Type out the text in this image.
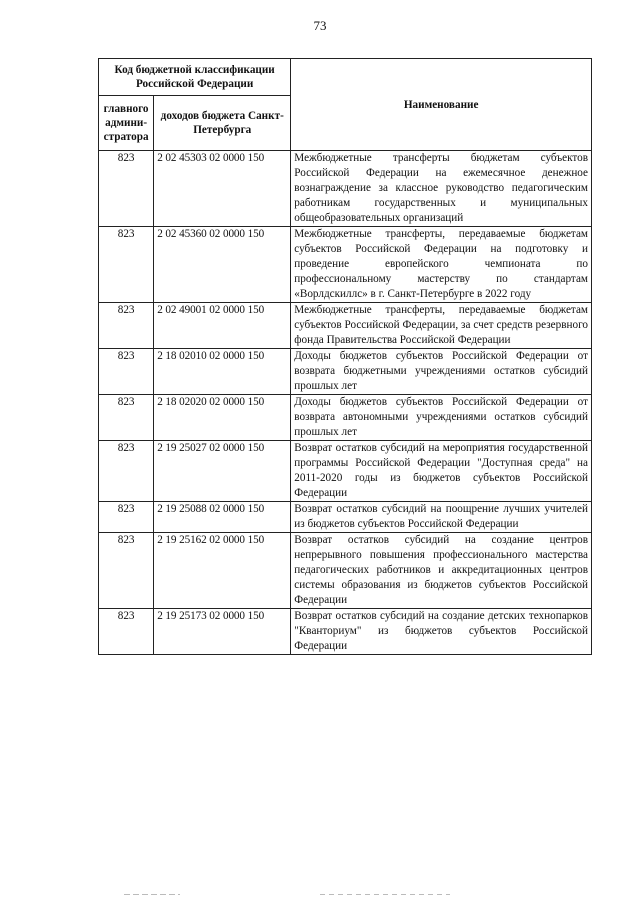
73
Код бюджетной классификации Российской Федерации		Наименование
главного админи-стратора	доходов бюджета Санкт-Петербурга	
823	2 02 45303 02 0000 150	Межбюджетные трансферты бюджетам субъектов Российской Федерации на ежемесячное денежное вознаграждение за классное руководство педагогическим работникам государственных и муниципальных общеобразовательных организаций
823	2 02 45360 02 0000 150	Межбюджетные трансферты, передаваемые бюджетам субъектов Российской Федерации на подготовку и проведение европейского чемпионата по профессиональному мастерству по стандартам «Ворлдскиллс» в г. Санкт-Петербурге в 2022 году
823	2 02 49001 02 0000 150	Межбюджетные трансферты, передаваемые бюджетам субъектов Российской Федерации, за счет средств резервного фонда Правительства Российской Федерации
823	2 18 02010 02 0000 150	Доходы бюджетов субъектов Российской Федерации от возврата бюджетными учреждениями остатков субсидий прошлых лет
823	2 18 02020 02 0000 150	Доходы бюджетов субъектов Российской Федерации от возврата автономными учреждениями остатков субсидий прошлых лет
823	2 19 25027 02 0000 150	Возврат остатков субсидий на мероприятия государственной программы Российской Федерации "Доступная среда" на 2011-2020 годы из бюджетов субъектов Российской Федерации
823	2 19 25088 02 0000 150	Возврат остатков субсидий на поощрение лучших учителей из бюджетов субъектов Российской Федерации
823	2 19 25162 02 0000 150	Возврат остатков субсидий на создание центров непрерывного повышения профессионального мастерства педагогических работников и аккредитационных центров системы образования из бюджетов субъектов Российской Федерации
823	2 19 25173 02 0000 150	Возврат остатков субсидий на создание детских технопарков "Кванториум" из бюджетов субъектов Российской Федерации
